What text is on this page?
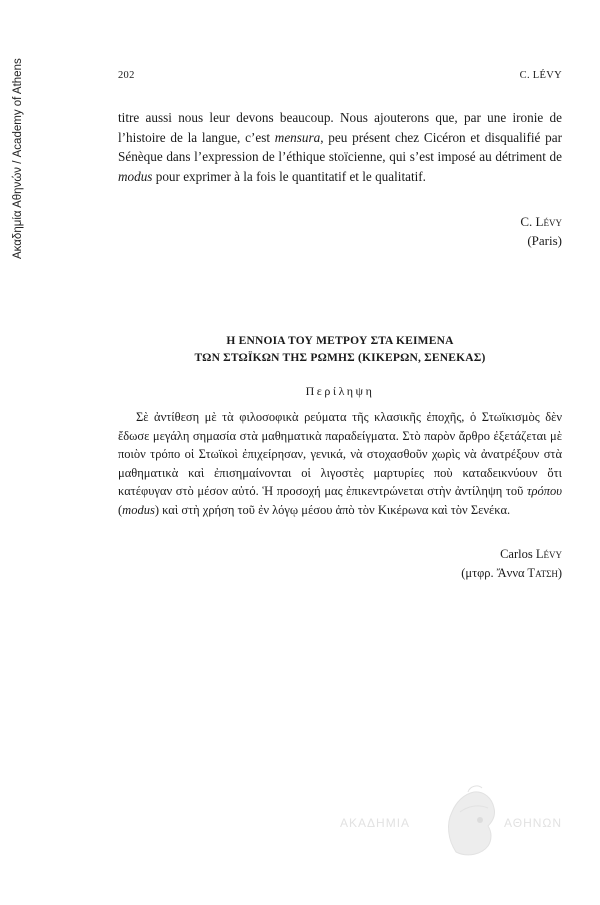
Ακαδημία Αθηνών / Academy of Athens	202	C. LÉVY

titre aussi nous leur devons beaucoup. Nous ajouterons que, par une ironie de l’histoire de la langue, c’est mensura, peu présent chez Cicéron et disqualifié par Sénèque dans l’expression de l’éthique stoïcienne, qui s’est imposé au détriment de modus pour exprimer à la fois le quantitatif et le qualitatif.

C. Lévy
(Paris)
Η ΕΝΝΟΙΑ ΤΟΥ ΜΕΤΡΟΥ ΣΤΑ ΚΕΙΜΕΝΑ
ΤΩΝ ΣΤΩΪΚΩΝ ΤΗΣ ΡΩΜΗΣ (ΚΙΚΕΡΩΝ, ΣΕΝΕΚΑΣ)

Περίληψη

Σὲ ἀντίθεση μὲ τὰ φιλοσοφικὰ ρεύματα τῆς κλασικῆς ἐποχῆς, ὁ Στωϊκισμὸς δὲν ἔδωσε μεγάλη σημασία στὰ μαθηματικὰ παραδείγματα. Στὸ παρὸν ἄρθρο ἐξετάζεται μὲ ποιὸν τρόπο οἱ Στωϊκοὶ ἐπιχείρησαν, γενικά, νὰ στοχασθοῦν χωρὶς νὰ ἀνατρέξουν στὰ μαθηματικὰ καὶ ἐπισημαίνονται οἱ λιγοστὲς μαρτυρίες ποὺ καταδεικνύουν ὅτι κατέφυγαν στὸ μέσον αὐτό. Ἡ προσοχή μας ἐπικεντρώνεται στὴν ἀντίληψη τοῦ τρόπου (modus) καὶ στὴ χρήση τοῦ ἐν λόγῳ μέσου ἀπὸ τὸν Κικέρωνα καὶ τὸν Σενέκα.

Carlos Lévy
(μτφρ. Ἄννα Τατση)
ΑΚΑΔΗΜΙΑ	ΑΘΗΝΩΝ
